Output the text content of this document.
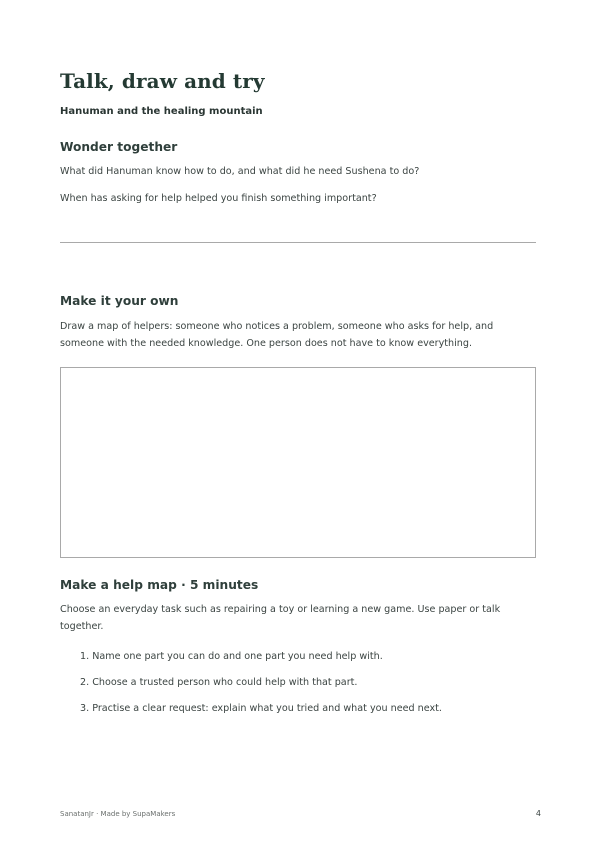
Talk, draw and try

Hanuman and the healing mountain

Wonder together

What did Hanuman know how to do, and what did he need Sushena to do?

When has asking for help helped you finish something important?

Make it your own

Draw a map of helpers: someone who notices a problem, someone who asks for help, and

someone with the needed knowledge. One person does not have to know everything.

Make a help map · 5 minutes

Choose an everyday task such as repairing a toy or learning a new game. Use paper or talk

together.

1. Name one part you can do and one part you need help with.
2. Choose a trusted person who could help with that part.
3. Practise a clear request: explain what you tried and what you need next.

SanatanJr · Made by SupaMakers	4
